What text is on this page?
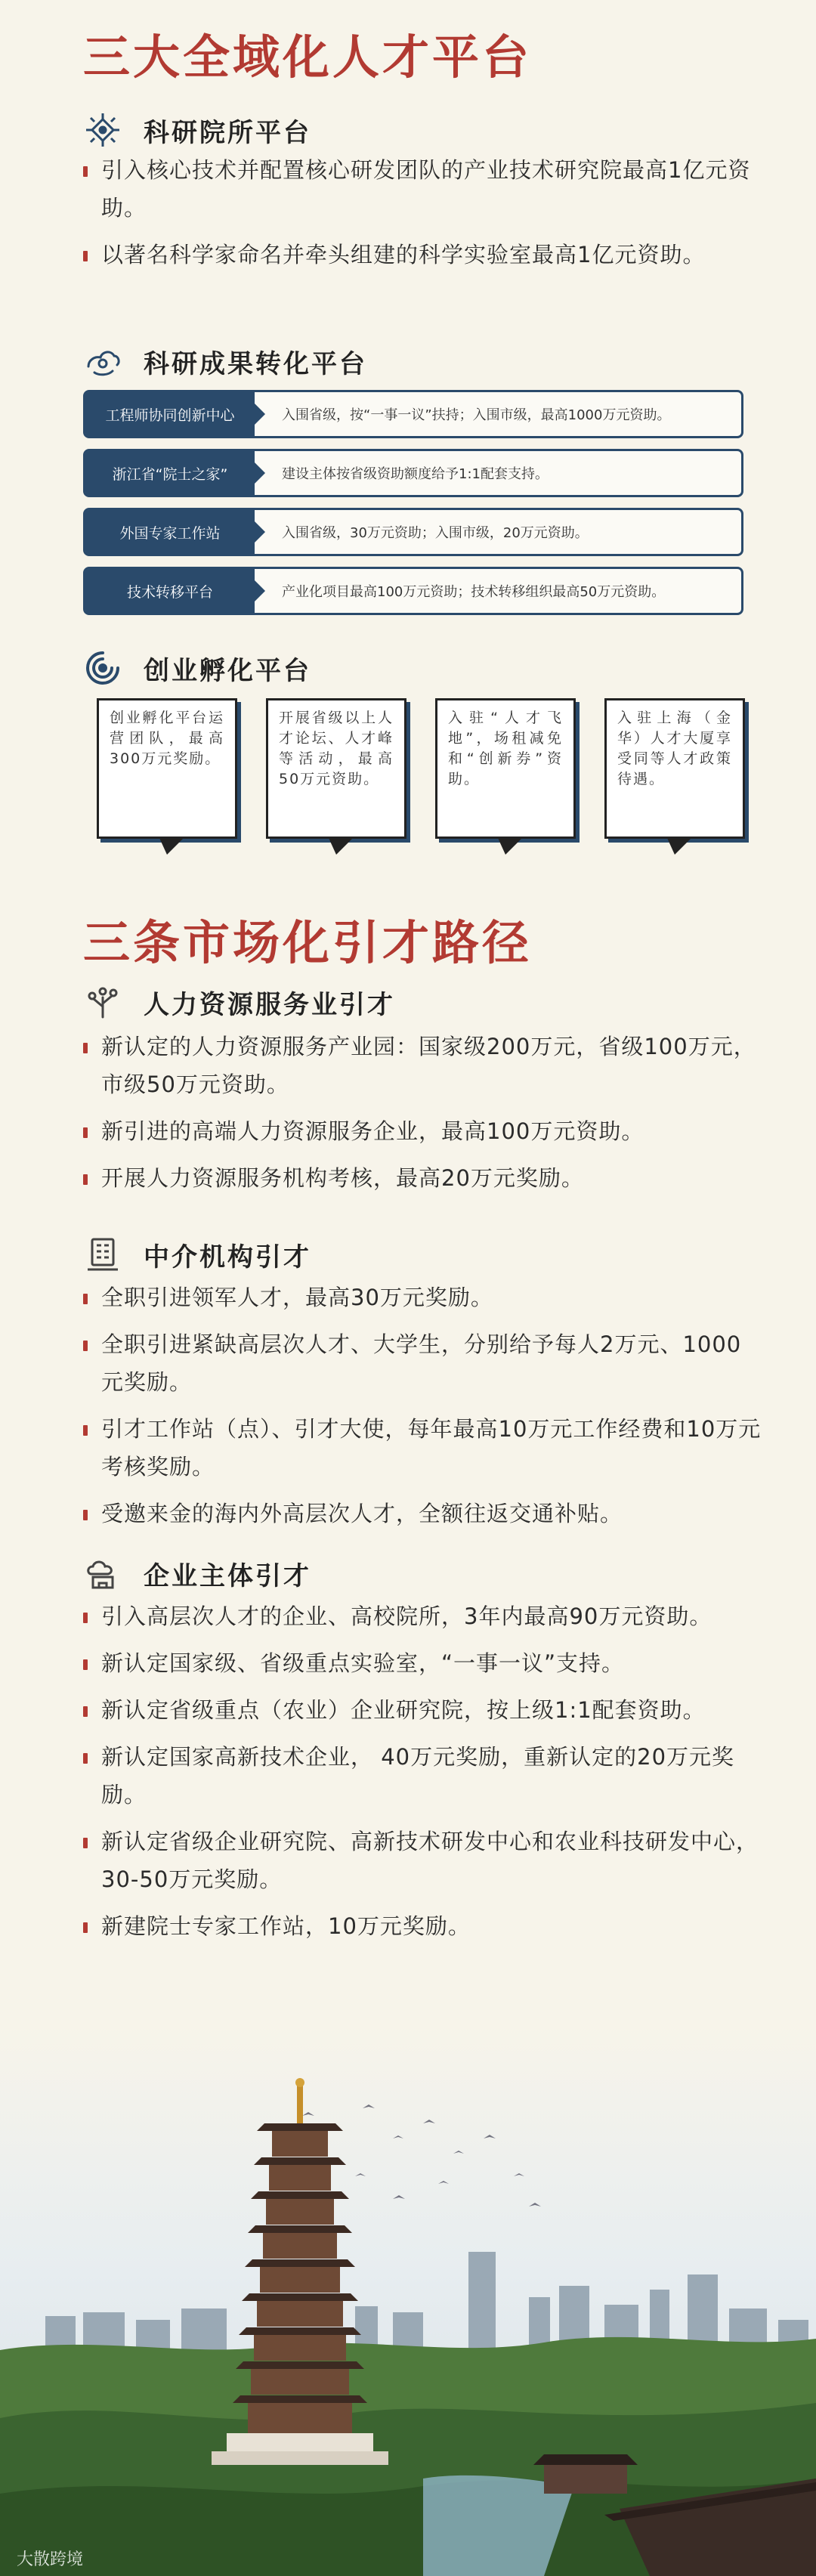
三大全域化人才平台
科研院所平台
引入核心技术并配置核心研发团队的产业技术研究院最高1亿元资助。
以著名科学家命名并牵头组建的科学实验室最高1亿元资助。
科研成果转化平台
工程师协同创新中心	入围省级，按“一事一议”扶持；入围市级，最高1000万元资助。
浙江省“院士之家”	建设主体按省级资助额度给予1:1配套支持。
外国专家工作站	入围省级，30万元资助；入围市级，20万元资助。
技术转移平台	产业化项目最高100万元资助；技术转移组织最高50万元资助。
创业孵化平台
创业孵化平台运营团队，最高300万元奖励。
开展省级以上人才论坛、人才峰等活动，最高50万元资助。
入驻“人才飞地”，场租减免和“创新券”资助。
入驻上海（金华）人才大厦享受同等人才政策待遇。
三条市场化引才路径
人力资源服务业引才
新认定的人力资源服务产业园：国家级200万元，省级100万元，市级50万元资助。
新引进的高端人力资源服务企业，最高100万元资助。
开展人力资源服务机构考核，最高20万元奖励。
中介机构引才
全职引进领军人才，最高30万元奖励。
全职引进紧缺高层次人才、大学生，分别给予每人2万元、1000元奖励。
引才工作站（点）、引才大使，每年最高10万元工作经费和10万元考核奖励。
受邀来金的海内外高层次人才，全额往返交通补贴。
企业主体引才
引入高层次人才的企业、高校院所，3年内最高90万元资助。
新认定国家级、省级重点实验室，“一事一议”支持。
新认定省级重点（农业）企业研究院，按上级1:1配套资助。
新认定国家高新技术企业， 40万元奖励，重新认定的20万元奖励。
新认定省级企业研究院、高新技术研发中心和农业科技研发中心，30-50万元奖励。
新建院士专家工作站，10万元奖励。
大散跨境
